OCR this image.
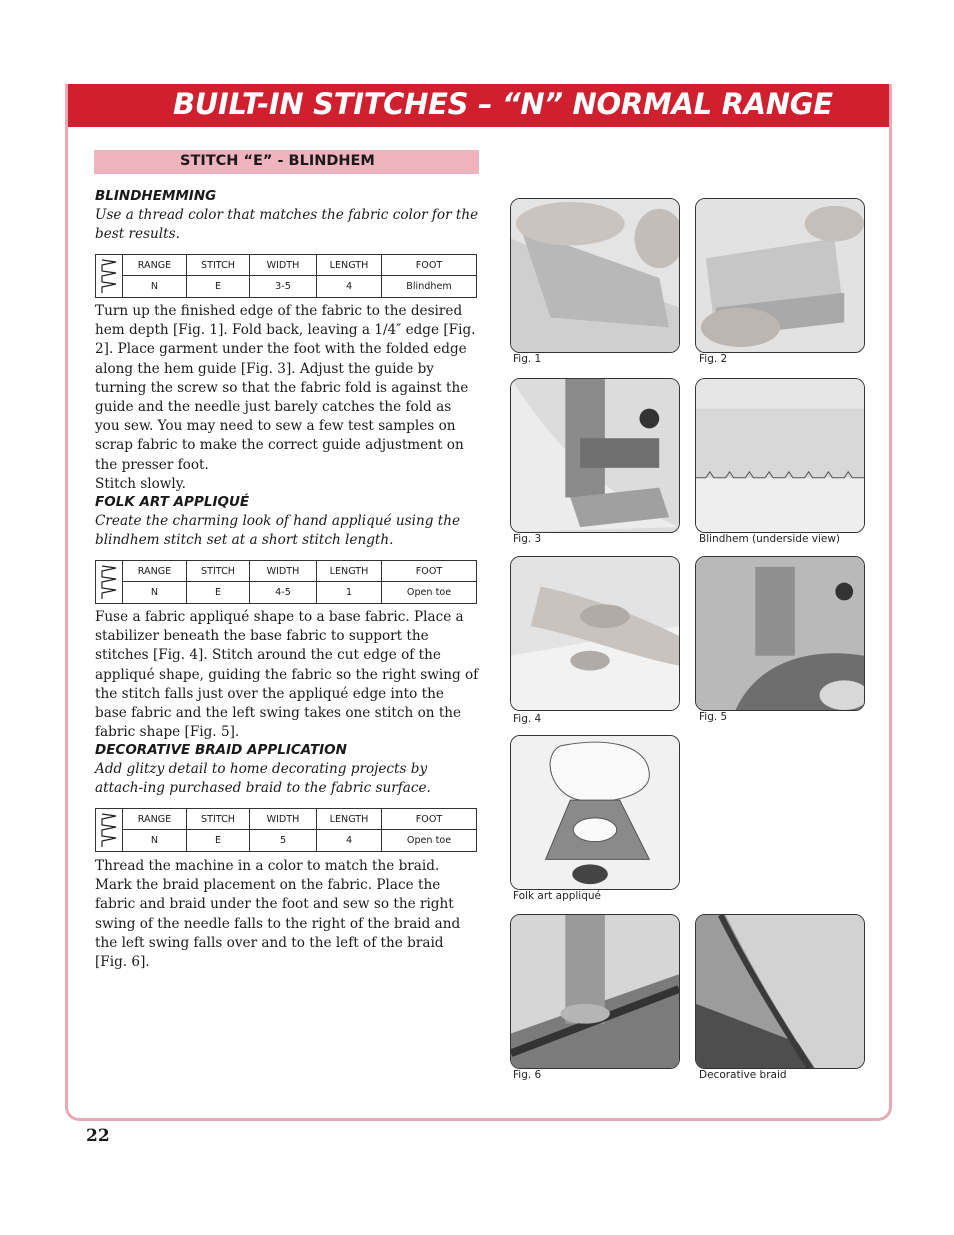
BUILT-IN STITCHES – “N” NORMAL RANGE
STITCH “E” - BLINDHEM
BLINDHEMMING
Use a thread color that matches the fabric color for the best results.
RANGE	STITCH	WIDTH	LENGTH	FOOT
N	E	3-5	4	Blindhem
Turn up the finished edge of the fabric to the desired hem depth [Fig. 1]. Fold back, leaving a 1/4″ edge [Fig. 2]. Place garment under the foot with the folded edge along the hem guide [Fig. 3]. Adjust the guide by turning the screw so that the fabric fold is against the guide and the needle just barely catches the fold as you sew. You may need to sew a few test samples on scrap fabric to make the correct guide adjustment on the presser foot.
Stitch slowly.
FOLK ART APPLIQUÉ
Create the charming look of hand appliqué using the blindhem stitch set at a short stitch length.
RANGE	STITCH	WIDTH	LENGTH	FOOT
N	E	4-5	1	Open toe
Fuse a fabric appliqué shape to a base fabric. Place a stabilizer beneath the base fabric to support the stitches [Fig. 4]. Stitch around the cut edge of the appliqué shape, guiding the fabric so the right swing of the stitch falls just over the appliqué edge into the base fabric and the left swing takes one stitch on the fabric shape [Fig. 5].
DECORATIVE BRAID APPLICATION
Add glitzy detail to home decorating projects by attach-ing purchased braid to the fabric surface.
RANGE	STITCH	WIDTH	LENGTH	FOOT
N	E	5	4	Open toe
Thread the machine in a color to match the braid.
Mark the braid placement on the fabric. Place the fabric and braid under the foot and sew so the right swing of the needle falls to the right of the braid and the left swing falls over and to the left of the braid [Fig. 6].
Fig. 1	Fig. 2
Fig. 3	Blindhem (underside view)
Fig. 4	Fig. 5
Folk art appliqué
Fig. 6	Decorative braid
22
